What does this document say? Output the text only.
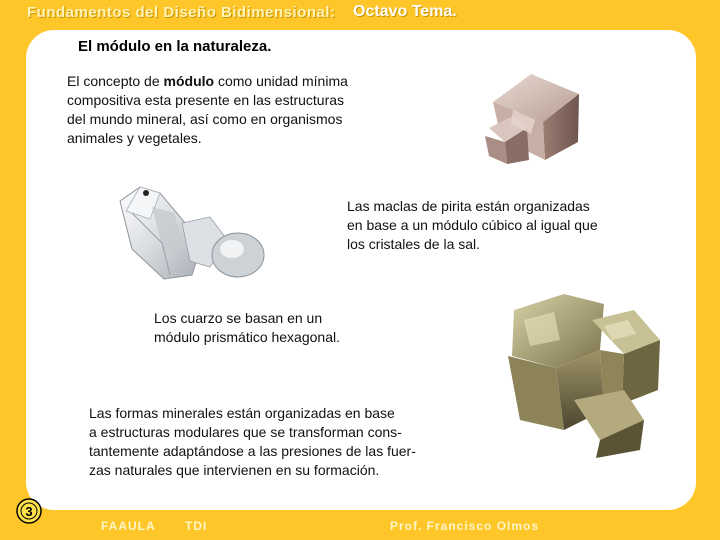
Fundamentos del Diseño Bidimensional: Octavo Tema.
El módulo en la naturaleza.
El concepto de módulo como unidad mínima
compositiva esta presente en las estructuras
del mundo mineral, así como en organismos
animales y vegetales.
Las maclas de pirita están organizadas
en base a un módulo cúbico al igual que
los cristales de la sal.
Los cuarzo se basan en un
módulo prismático hexagonal.
Las formas minerales están organizadas en base
a estructuras modulares que se transforman cons-
tantemente adaptándose a las presiones de las fuer-
zas naturales que intervienen en su formación.
3
FAAULA TDI	Prof. Francisco Olmos
